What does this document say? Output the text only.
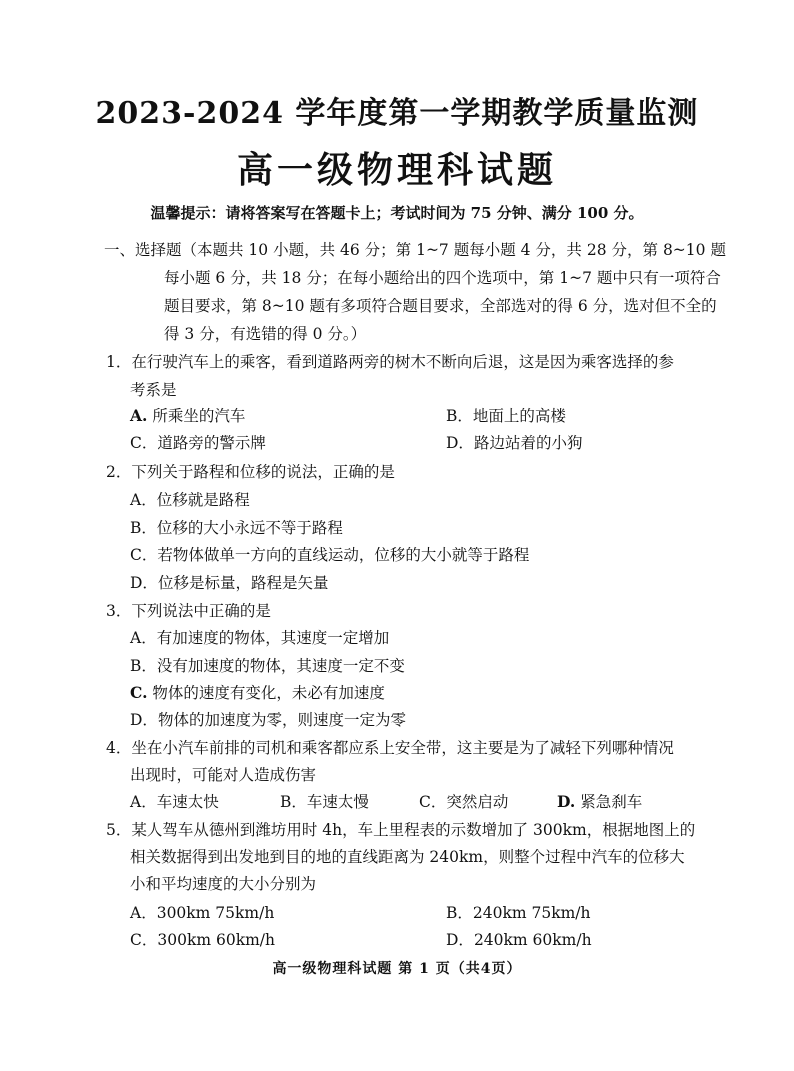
2023-2024 学年度第一学期教学质量监测
高一级物理科试题
温馨提示：请将答案写在答题卡上；考试时间为 75 分钟、满分 100 分。
一、选择题（本题共 10 小题，共 46 分；第 1~7 题每小题 4 分，共 28 分，第 8~10 题
每小题 6 分，共 18 分；在每小题给出的四个选项中，第 1~7 题中只有一项符合
题目要求，第 8~10 题有多项符合题目要求，全部选对的得 6 分，选对但不全的
得 3 分，有选错的得 0 分。）
1．在行驶汽车上的乘客，看到道路两旁的树木不断向后退，这是因为乘客选择的参
考系是
A. 所乘坐的汽车	B．地面上的高楼
C．道路旁的警示牌	D．路边站着的小狗
2．下列关于路程和位移的说法，正确的是
A．位移就是路程
B．位移的大小永远不等于路程
C．若物体做单一方向的直线运动，位移的大小就等于路程
D．位移是标量，路程是矢量
3．下列说法中正确的是
A．有加速度的物体，其速度一定增加
B．没有加速度的物体，其速度一定不变
C. 物体的速度有变化，未必有加速度
D．物体的加速度为零，则速度一定为零
4．坐在小汽车前排的司机和乘客都应系上安全带，这主要是为了减轻下列哪种情况
出现时，可能对人造成伤害
A．车速太快	B．车速太慢	C．突然启动	D. 紧急刹车
5．某人驾车从德州到潍坊用时 4h，车上里程表的示数增加了 300km，根据地图上的
相关数据得到出发地到目的地的直线距离为 240km，则整个过程中汽车的位移大
小和平均速度的大小分别为
A．300km 75km/h	B．240km 75km/h
C．300km 60km/h	D．240km 60km/h
高一级物理科试题 第 1 页（共4页）
